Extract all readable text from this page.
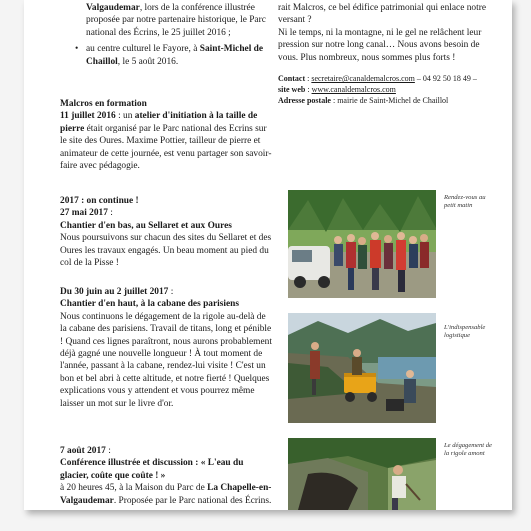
Valgaudemar, lors de la conférence illustrée proposée par notre partenaire historique, le Parc national des Écrins, le 25 juillet 2016 ;

• au centre culturel le Fayore, à Saint-Michel de Chaillol, le 5 août 2016.

rait Malcros, ce bel édifice patrimonial qui enlace notre versant ?

Ni le temps, ni la montagne, ni le gel ne relâchent leur pression sur notre long canal… Nous avons besoin de vous. Plus nombreux, nous sommes plus forts !

Contact : secretaire@canaldemalcros.com – 04 92 50 18 49 –

site web : www.canaldemalcros.com

Adresse postale : mairie de Saint-Michel de Chaillol

Malcros en formation

11 juillet 2016 : un atelier d'initiation à la taille de pierre était organisé par le Parc national des Ecrins sur le site des Oures. Maxime Pottier, tailleur de pierre et animateur de cette journée, est venu partager son savoir-faire avec pédagogie.

2017 : on continue !

27 mai 2017 :

Chantier d'en bas, au Sellaret et aux Oures

Nous poursuivons sur chacun des sites du Sellaret et des Oures les travaux engagés. Un beau moment au pied du col de la Pisse !

Du 30 juin au 2 juillet 2017 :

Chantier d'en haut, à la cabane des parisiens

Nous continuons le dégagement de la rigole au-delà de la cabane des parisiens. Travail de titans, long et pénible ! Quand ces lignes paraîtront, nous aurons probablement déjà gagné une nouvelle longueur ! À tout moment de l'année, passant à la cabane, rendez-lui visite ! C'est un bon et bel abri à cette altitude, et notre fierté ! Quelques explications vous y attendent et vous pourrez même laisser un mot sur le livre d'or.

7 août 2017 :

Conférence illustrée et discussion : « L'eau du glacier, coûte que coûte ! »

à 20 heures 45, à la Maison du Parc de La Chapelle-en-Valgaudemar. Proposée par le Parc national des Écrins.

Rendez-vous au petit matin
L'indispensable logistique
Le dégagement de la rigole amont
